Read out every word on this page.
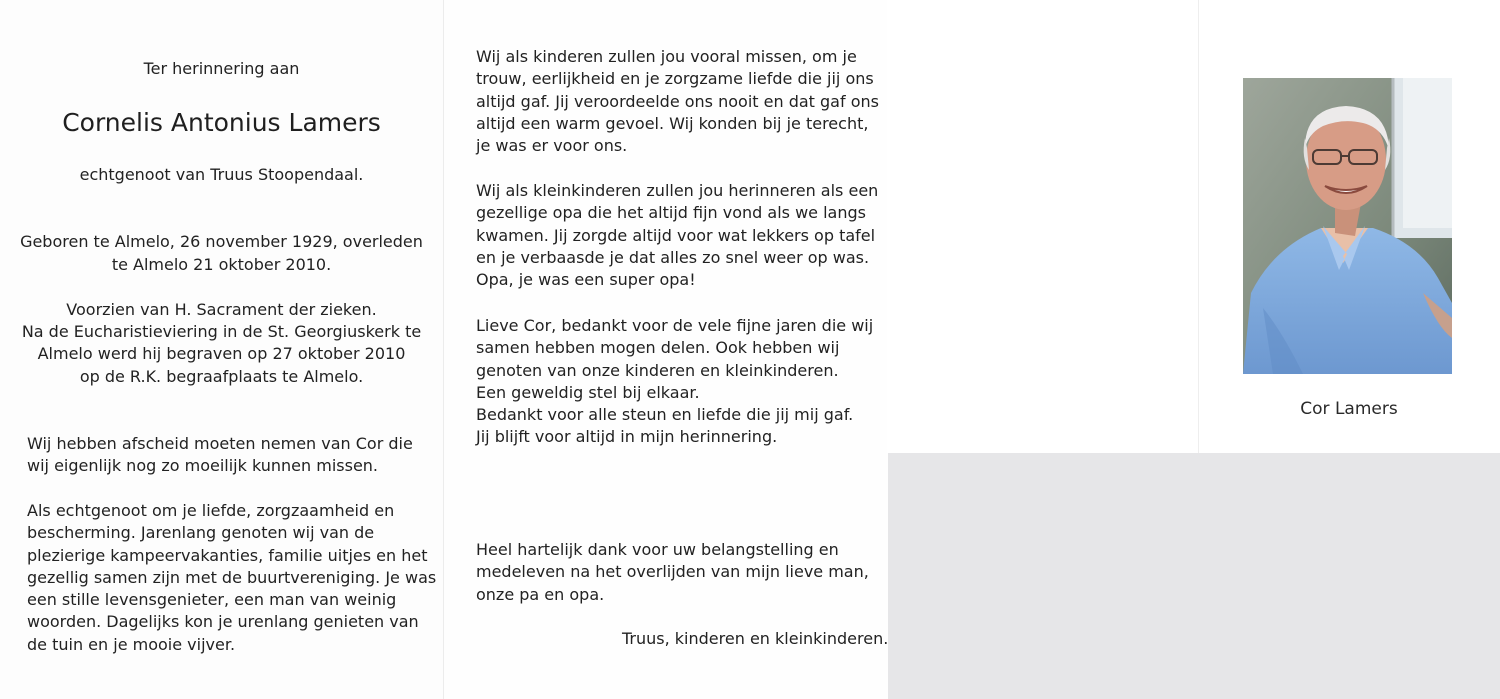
Ter herinnering aan
Cornelis Antonius Lamers
echtgenoot van Truus Stoopendaal.
Geboren te Almelo, 26 november 1929, overleden
te Almelo 21 oktober 2010.
Voorzien van H. Sacrament der zieken.
Na de Eucharistieviering in de St. Georgiuskerk te
Almelo werd hij begraven op 27 oktober 2010
op de R.K. begraafplaats te Almelo.
Wij hebben afscheid moeten nemen van Cor die
wij eigenlijk nog zo moeilijk kunnen missen.
Als echtgenoot om je liefde, zorgzaamheid en
bescherming. Jarenlang genoten wij van de
plezierige kampeervakanties, familie uitjes en het
gezellig samen zijn met de buurtvereniging. Je was
een stille levensgenieter, een man van weinig
woorden. Dagelijks kon je urenlang genieten van
de tuin en je mooie vijver.
Wij als kinderen zullen jou vooral missen, om je
trouw, eerlijkheid en je zorgzame liefde die jij ons
altijd gaf. Jij veroordeelde ons nooit en dat gaf ons
altijd een warm gevoel. Wij konden bij je terecht,
je was er voor ons.
Wij als kleinkinderen zullen jou herinneren als een
gezellige opa die het altijd fijn vond als we langs
kwamen. Jij zorgde altijd voor wat lekkers op tafel
en je verbaasde je dat alles zo snel weer op was.
Opa, je was een super opa!
Lieve Cor, bedankt voor de vele fijne jaren die wij
samen hebben mogen delen. Ook hebben wij
genoten van onze kinderen en kleinkinderen.
Een geweldig stel bij elkaar.
Bedankt voor alle steun en liefde die jij mij gaf.
Jij blijft voor altijd in mijn herinnering.
Heel hartelijk dank voor uw belangstelling en
medeleven na het overlijden van mijn lieve man,
onze pa en opa.
Truus, kinderen en kleinkinderen.
Cor Lamers
